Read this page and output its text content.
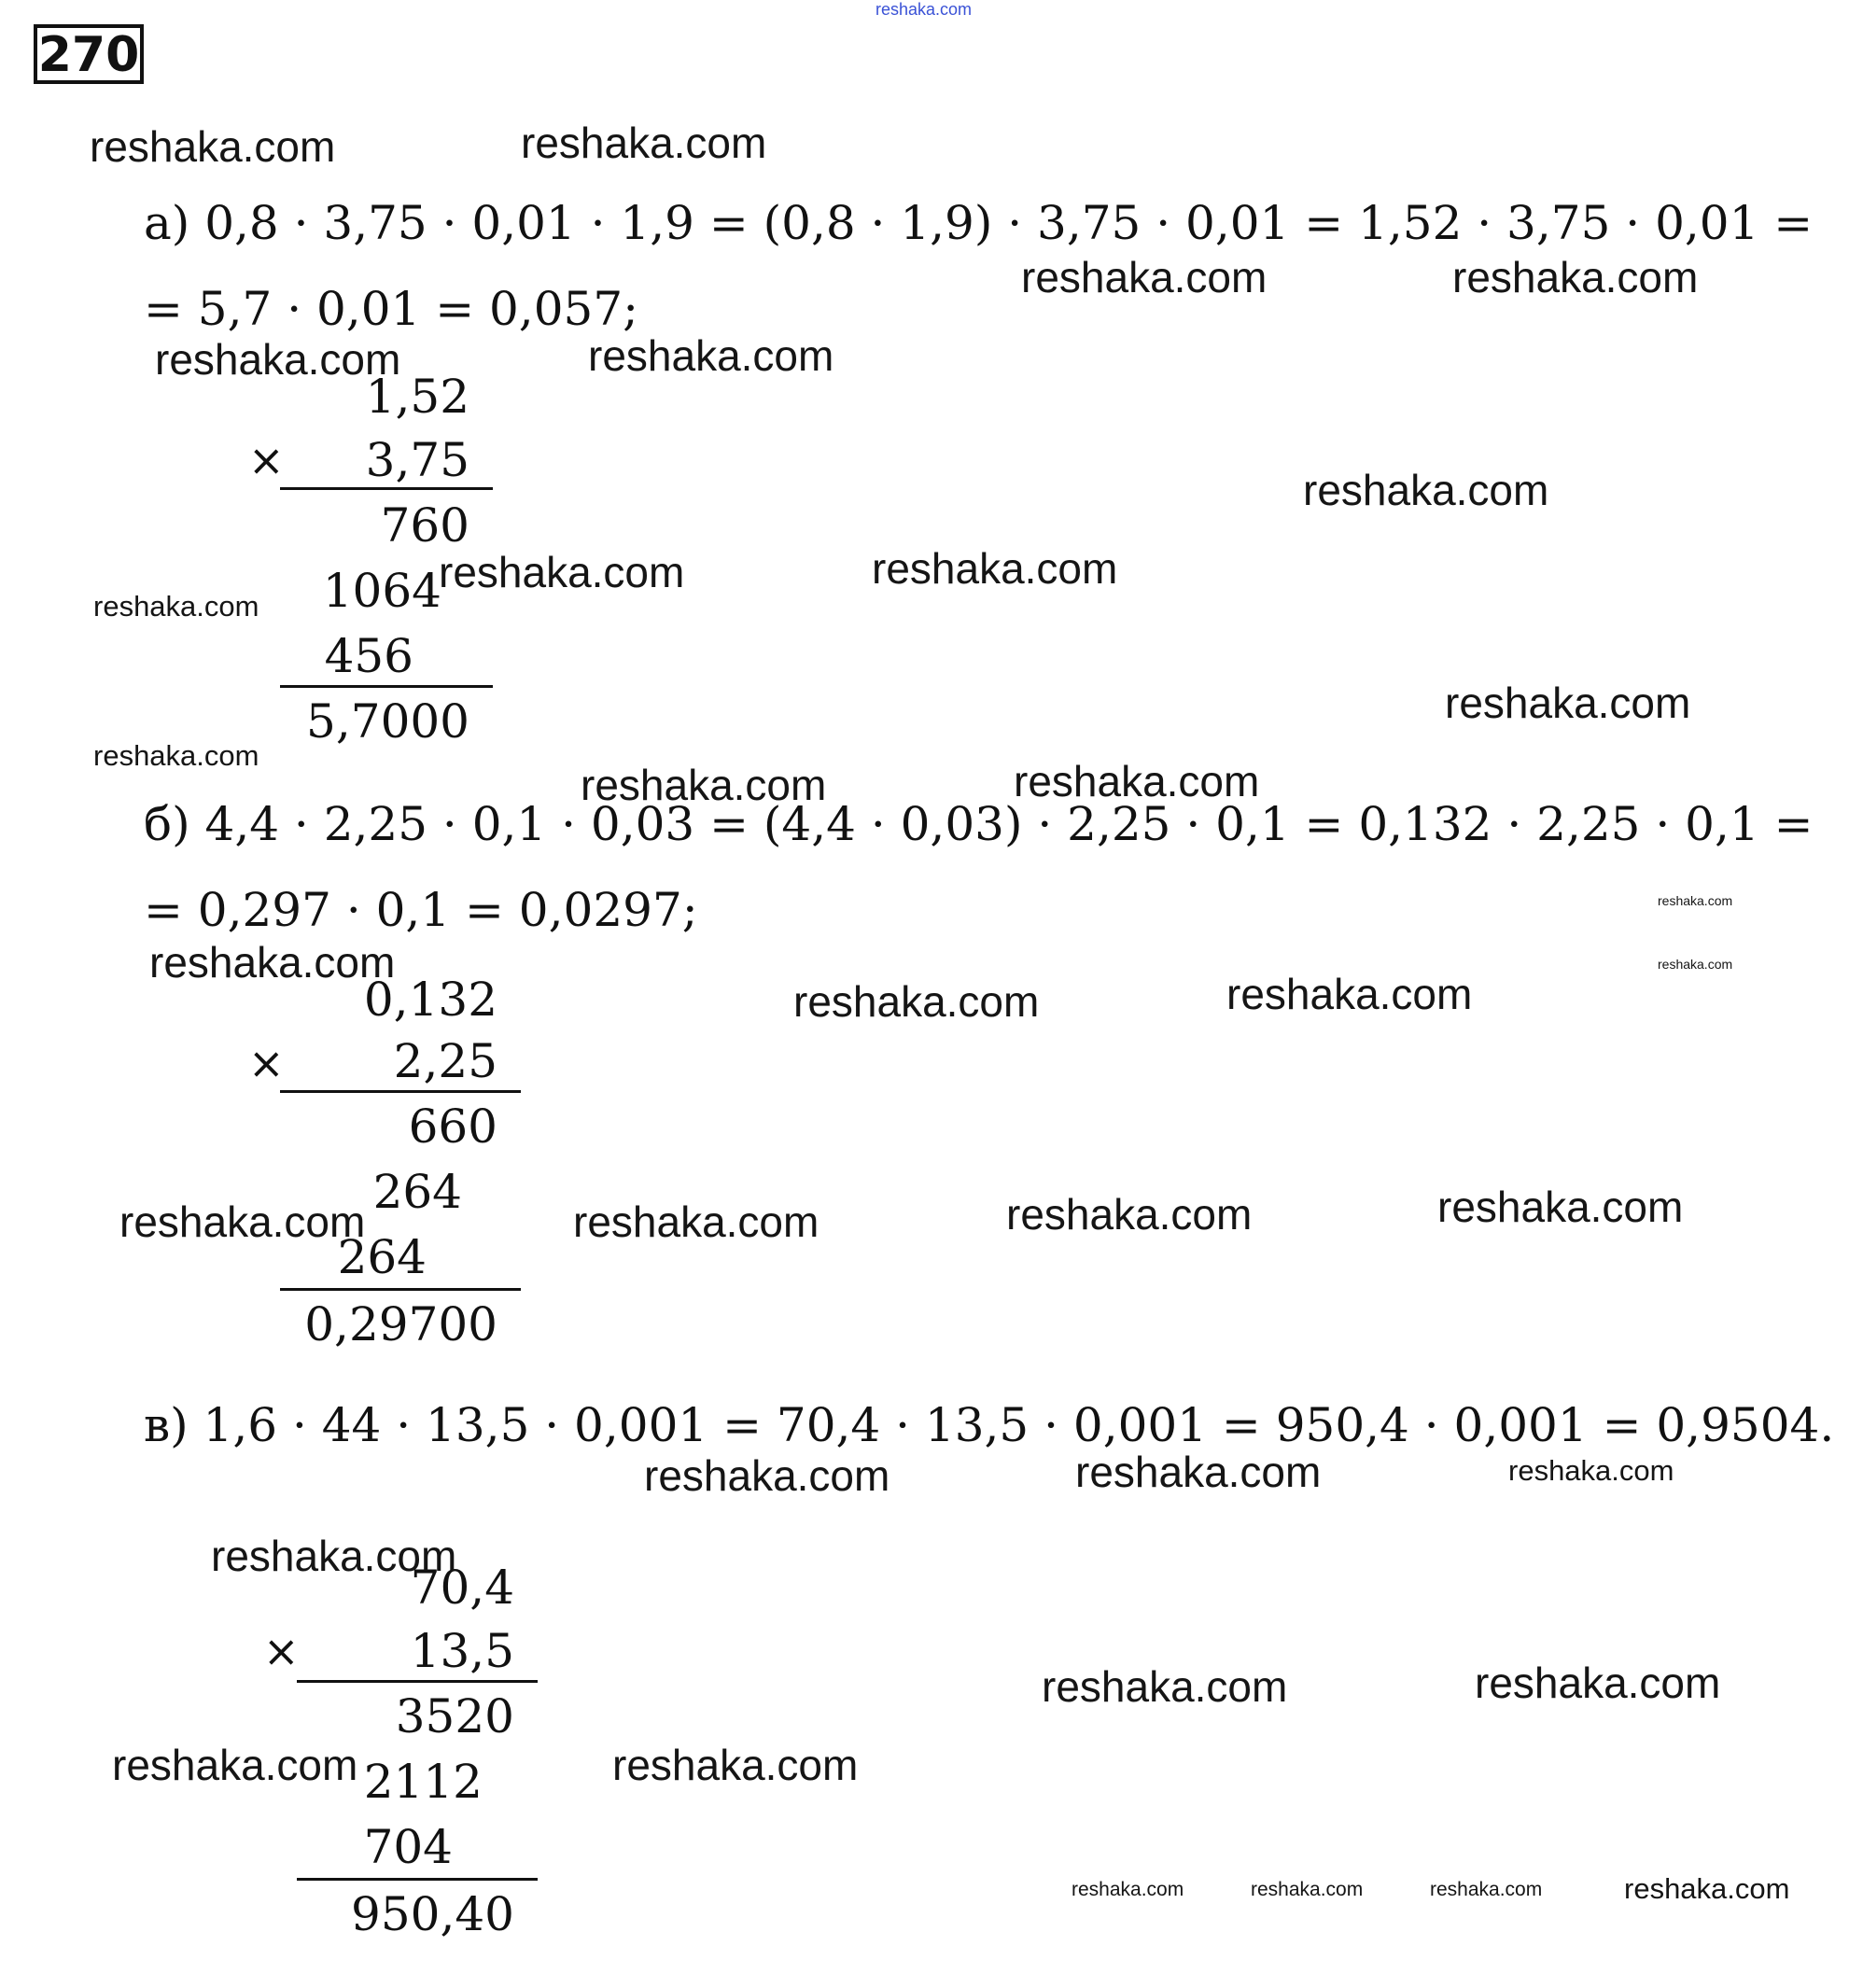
reshaka.com
270
а) 0,8 · 3,75 · 0,01 · 1,9 = (0,8 · 1,9) · 3,75 · 0,01 = 1,52 · 3,75 · 0,01 =
= 5,7 · 0,01 = 0,057;
1,52
× 3,75
760
1064
456
5,7000
б) 4,4 · 2,25 · 0,1 · 0,03 = (4,4 · 0,03) · 2,25 · 0,1 = 0,132 · 2,25 · 0,1 =
= 0,297 · 0,1 = 0,0297;
0,132
× 2,25
660
264
264
0,29700
в) 1,6 · 44 · 13,5 · 0,001 = 70,4 · 13,5 · 0,001 = 950,4 · 0,001 = 0,9504.
70,4
× 13,5
3520
2112
704
950,40
reshaka.com	reshaka.com
reshaka.com	reshaka.com
reshaka.com	reshaka.com
reshaka.com
reshaka.com	reshaka.com
reshaka.com
reshaka.com
reshaka.com
reshaka.com	reshaka.com
reshaka.com
reshaka.com
reshaka.com
reshaka.com	reshaka.com
reshaka.com	reshaka.com	reshaka.com	reshaka.com
reshaka.com	reshaka.com	reshaka.com
reshaka.com
reshaka.com	reshaka.com
reshaka.com	reshaka.com
reshaka.com	reshaka.com	reshaka.com	reshaka.com
